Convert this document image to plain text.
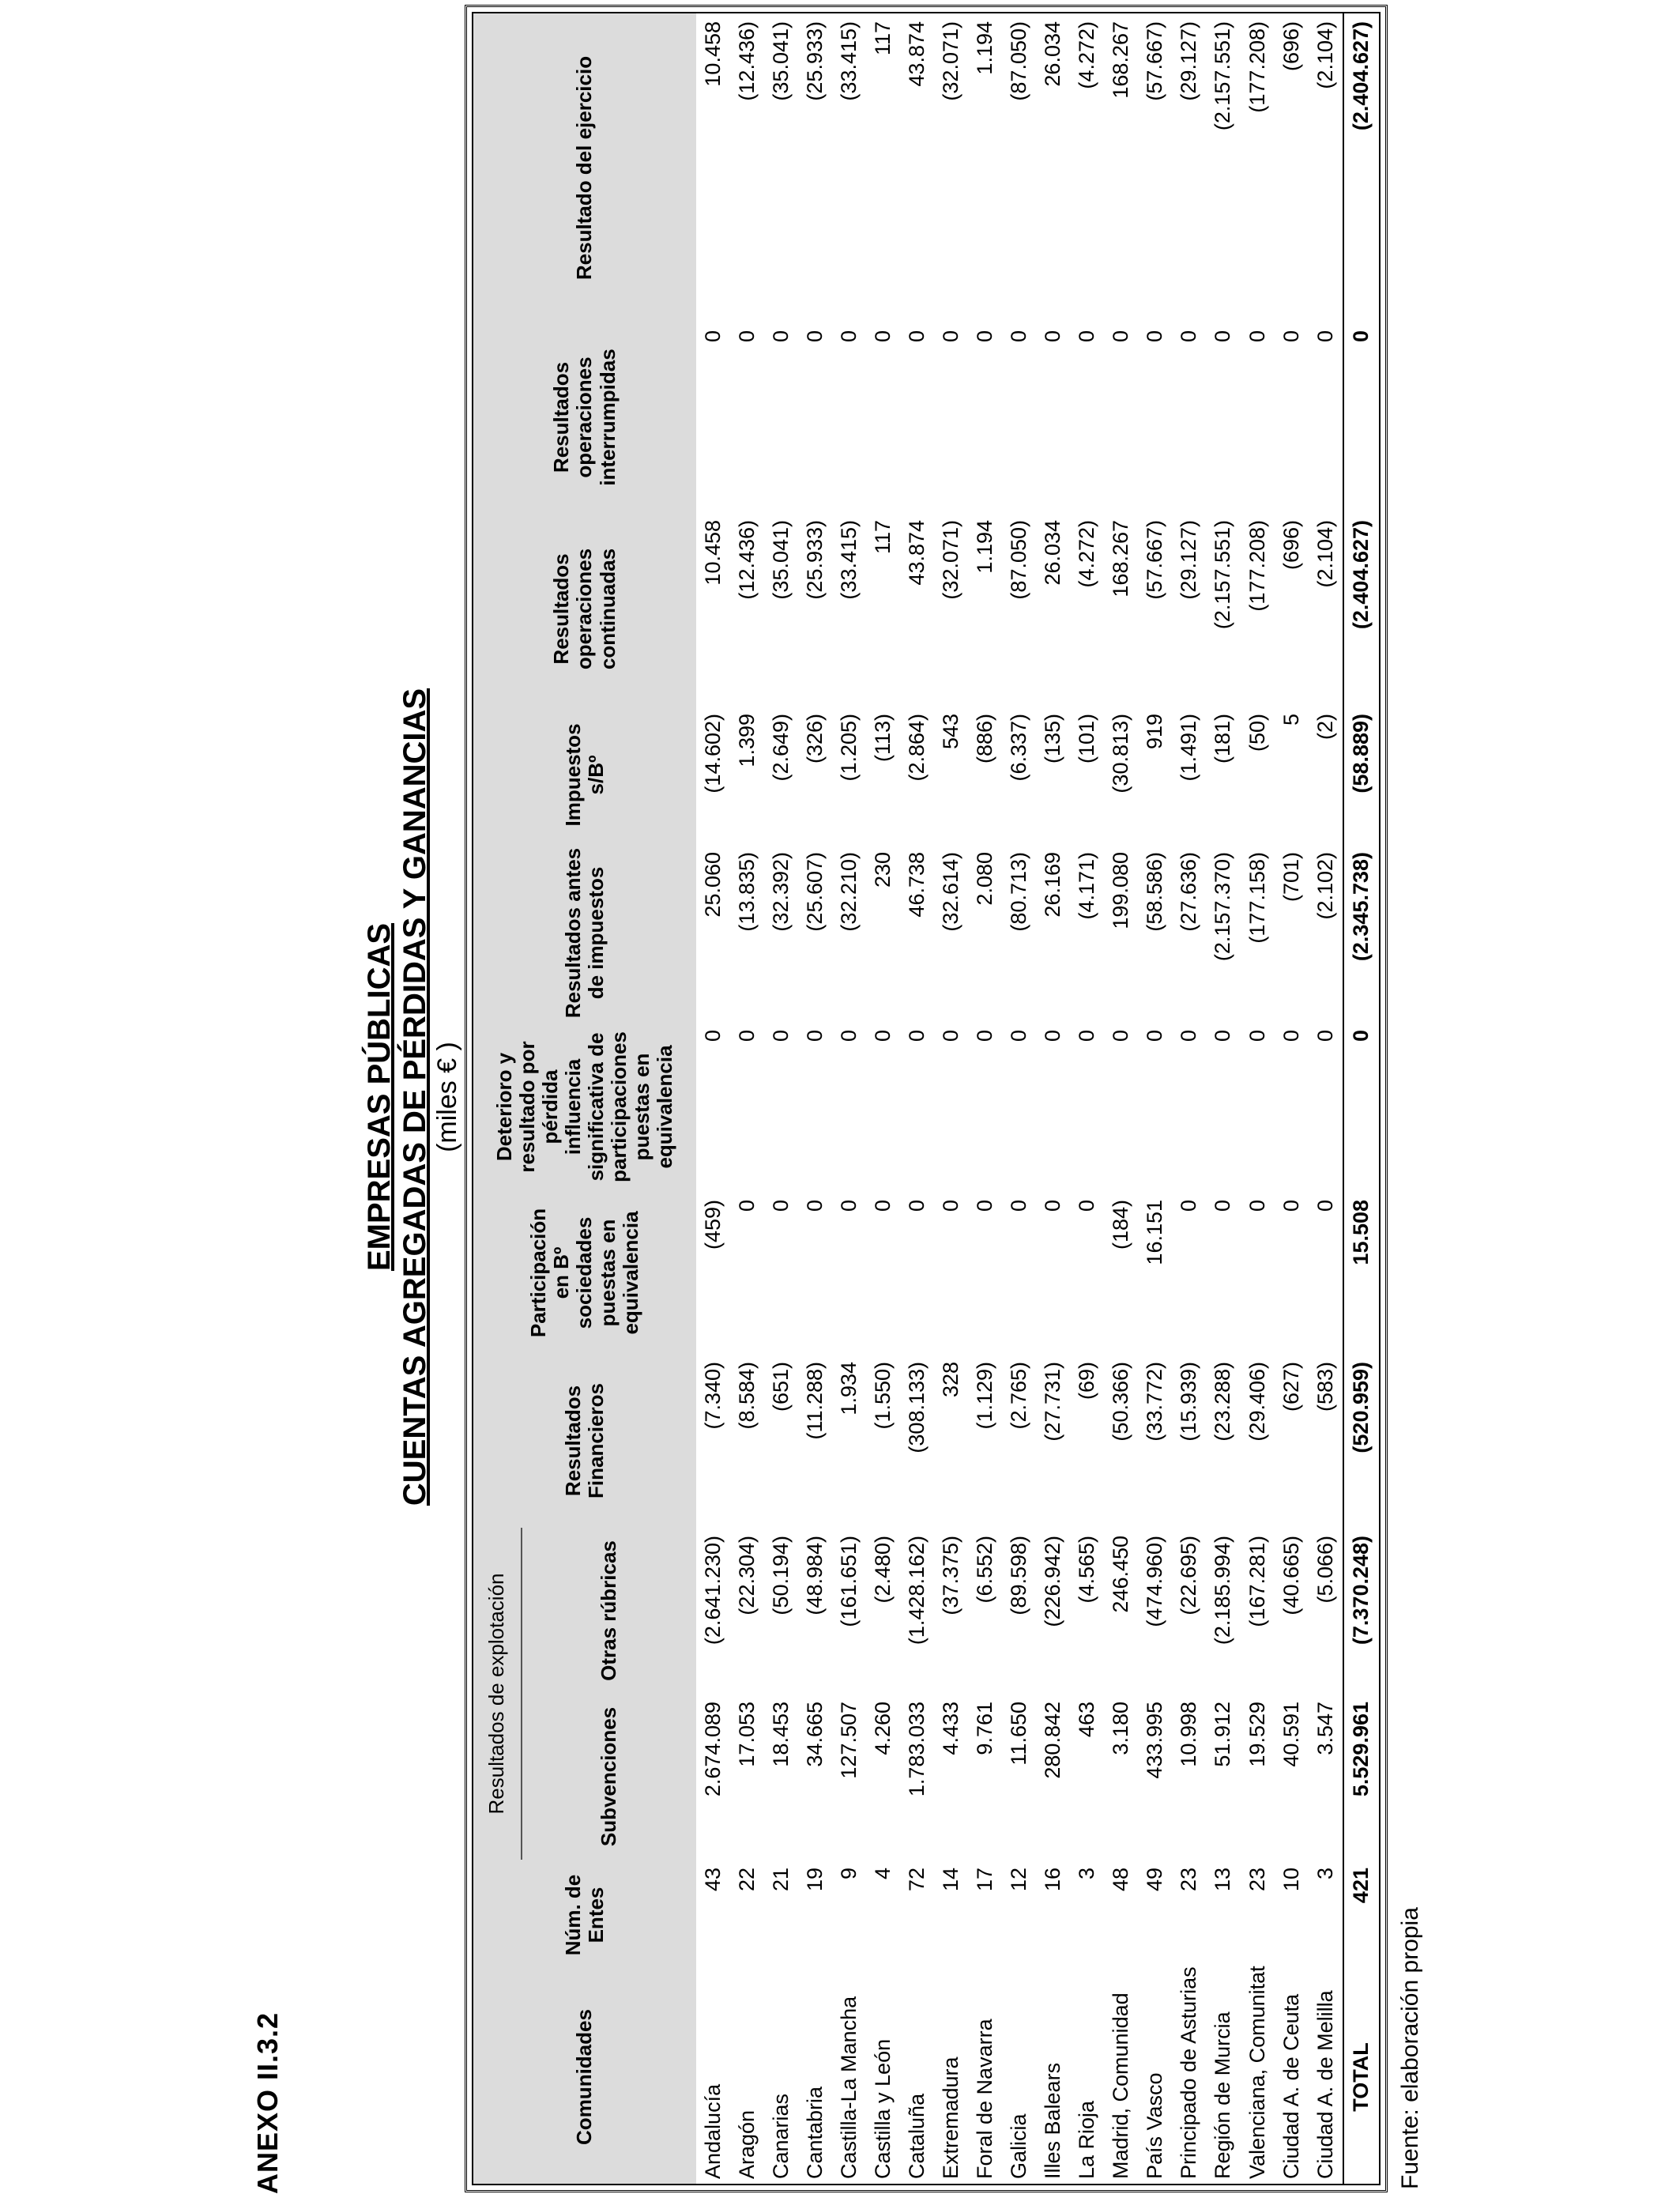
ANEXO II.3.2
EMPRESAS PÚBLICAS CUENTAS AGREGADAS DE PÉRDIDAS Y GANANCIAS (miles € )
Comunidades	Núm. de Entes	Resultados de explotación		Resultados Financieros	Participación en Bº sociedades puestas en equivalencia	Deterioro y resultado por pérdida influencia significativa de participaciones puestas en equivalencia	Resultados antes de impuestos	Impuestos s/Bº	Resultados operaciones continuadas	Resultados operaciones interrumpidas	Resultado del ejercicio
		Subvenciones	Otras rúbricas								
Andalucía	43	2.674.089	(2.641.230)	(7.340)	(459)	0	25.060	(14.602)	10.458	0	10.458
Aragón	22	17.053	(22.304)	(8.584)	0	0	(13.835)	1.399	(12.436)	0	(12.436)
Canarias	21	18.453	(50.194)	(651)	0	0	(32.392)	(2.649)	(35.041)	0	(35.041)
Cantabria	19	34.665	(48.984)	(11.288)	0	0	(25.607)	(326)	(25.933)	0	(25.933)
Castilla-La Mancha	9	127.507	(161.651)	1.934	0	0	(32.210)	(1.205)	(33.415)	0	(33.415)
Castilla y León	4	4.260	(2.480)	(1.550)	0	0	230	(113)	117	0	117
Cataluña	72	1.783.033	(1.428.162)	(308.133)	0	0	46.738	(2.864)	43.874	0	43.874
Extremadura	14	4.433	(37.375)	328	0	0	(32.614)	543	(32.071)	0	(32.071)
Foral de Navarra	17	9.761	(6.552)	(1.129)	0	0	2.080	(886)	1.194	0	1.194
Galicia	12	11.650	(89.598)	(2.765)	0	0	(80.713)	(6.337)	(87.050)	0	(87.050)
Illes Balears	16	280.842	(226.942)	(27.731)	0	0	26.169	(135)	26.034	0	26.034
La Rioja	3	463	(4.565)	(69)	0	0	(4.171)	(101)	(4.272)	0	(4.272)
Madrid, Comunidad	48	3.180	246.450	(50.366)	(184)	0	199.080	(30.813)	168.267	0	168.267
País Vasco	49	433.995	(474.960)	(33.772)	16.151	0	(58.586)	919	(57.667)	0	(57.667)
Principado de Asturias	23	10.998	(22.695)	(15.939)	0	0	(27.636)	(1.491)	(29.127)	0	(29.127)
Región de Murcia	13	51.912	(2.185.994)	(23.288)	0	0	(2.157.370)	(181)	(2.157.551)	0	(2.157.551)
Valenciana, Comunitat	23	19.529	(167.281)	(29.406)	0	0	(177.158)	(50)	(177.208)	0	(177.208)
Ciudad A. de Ceuta	10	40.591	(40.665)	(627)	0	0	(701)	5	(696)	0	(696)
Ciudad A. de Melilla	3	3.547	(5.066)	(583)	0	0	(2.102)	(2)	(2.104)	0	(2.104)
TOTAL	421	5.529.961	(7.370.248)	(520.959)	15.508	0	(2.345.738)	(58.889)	(2.404.627)	0	(2.404.627)
Fuente: elaboración propia
